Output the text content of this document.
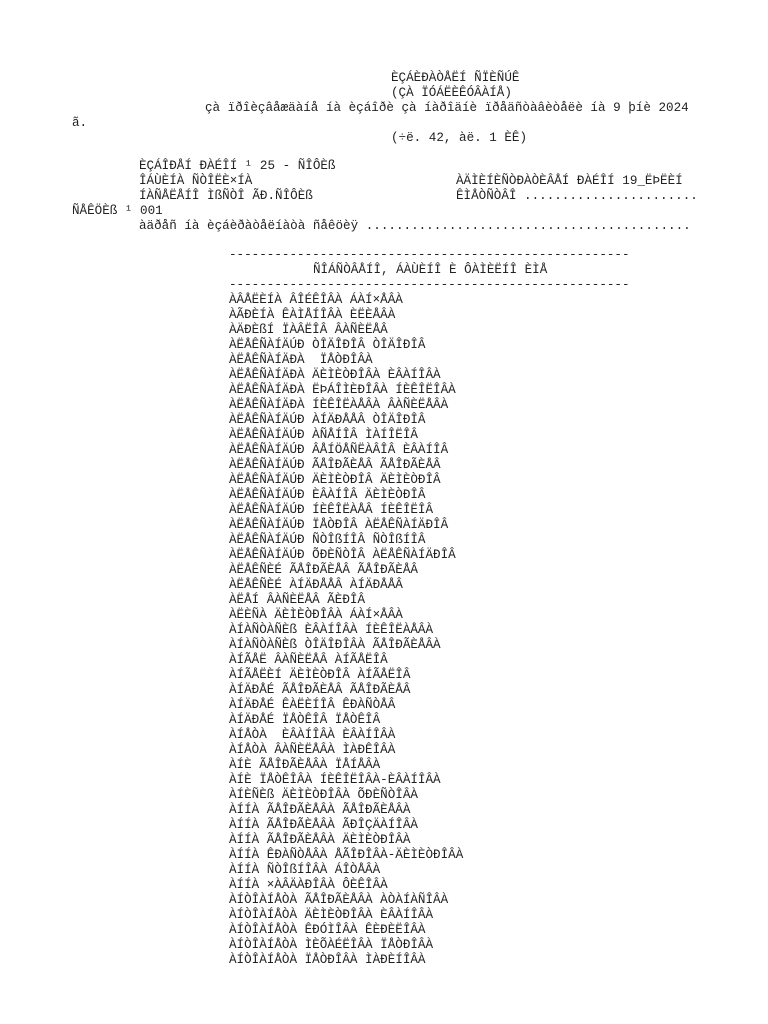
ÈÇÁÈÐÀÒÅËÍ ÑÏÈÑÚÊ
(ÇÀ ÏÓÁËÈÊÓÂÀÍÅ)
çà ïðîèçâåæäàíå íà èçáîðè çà íàðîäíè ïðåäñòàâèòåëè íà 9 þíè 2024
ã.
(÷ë. 42, àë. 1 ÈÊ)
ÈÇÁÎÐÅÍ ÐÀÉÎÍ ¹ 25 - ÑÎÔÈß
ÎÁÙÈÍÀ ÑÒÎËÈ×ÍÀ	ÀÄÌÈÍÈÑÒÐÀÒÈÂÅÍ ÐÀÉÎÍ 19_ËÞËÈÍ
ÍÀÑÅËÅÍÎ ÌßÑÒÎ ÃÐ.ÑÎÔÈß	ÊÌÅÒÑÒÂÎ .......................
ÑÅÊÖÈß ¹ 001
àäðåñ íà èçáèðàòåëíàòà ñåêöèÿ ...........................................
-----------------------------------------------------
ÑÎÁÑÒÂÅÍÎ, ÁÀÙÈÍÎ È ÔÀÌÈËÍÎ ÈÌÅ
-----------------------------------------------------
ÀÂÅËÈÍÀ ÂÎÉÊÎÂÀ ÁÀÍ×ÅÂÀ
ÀÃÐÈÍÀ ÊÀÌÅÍÎÂÀ ÈËÈÅÂÀ
ÀÄÐÈßÍ ÏÀÂËÎÂ ÂÀÑÈËÅÂ
ÀËÅÊÑÀÍÄÚÐ ÒÎÄÎÐÎÂ ÒÎÄÎÐÎÂ
ÀËÅÊÑÀÍÄÐÀ  ÏÅÒÐÎÂÀ
ÀËÅÊÑÀÍÄÐÀ ÄÈÌÈÒÐÎÂÀ ÈÂÀÍÎÂÀ
ÀËÅÊÑÀÍÄÐÀ ËÞÁÎÌÈÐÎÂÀ ÍÈÊÎËÎÂÀ
ÀËÅÊÑÀÍÄÐÀ ÍÈÊÎËÀÅÂÀ ÂÀÑÈËÅÂÀ
ÀËÅÊÑÀÍÄÚÐ ÀÍÄÐÅÅÂ ÒÎÄÎÐÎÂ
ÀËÅÊÑÀÍÄÚÐ ÀÑÅÍÎÂ ÌÀÍÎËÎÂ
ÀËÅÊÑÀÍÄÚÐ ÂÅÍÖÅÑËÀÂÎÂ ÈÂÀÍÎÂ
ÀËÅÊÑÀÍÄÚÐ ÃÅÎÐÃÈÅÂ ÃÅÎÐÃÈÅÂ
ÀËÅÊÑÀÍÄÚÐ ÄÈÌÈÒÐÎÂ ÄÈÌÈÒÐÎÂ
ÀËÅÊÑÀÍÄÚÐ ÈÂÀÍÎÂ ÄÈÌÈÒÐÎÂ
ÀËÅÊÑÀÍÄÚÐ ÍÈÊÎËÀÅÂ ÍÈÊÎËÎÂ
ÀËÅÊÑÀÍÄÚÐ ÏÅÒÐÎÂ ÀËÅÊÑÀÍÄÐÎÂ
ÀËÅÊÑÀÍÄÚÐ ÑÒÎßÍÎÂ ÑÒÎßÍÎÂ
ÀËÅÊÑÀÍÄÚÐ ÕÐÈÑÒÎÂ ÀËÅÊÑÀÍÄÐÎÂ
ÀËÅÊÑÈÉ ÃÅÎÐÃÈÅÂ ÃÅÎÐÃÈÅÂ
ÀËÅÊÑÈÉ ÀÍÄÐÅÅÂ ÀÍÄÐÅÅÂ
ÀËÅÍ ÂÀÑÈËÅÂ ÃÈÐÎÂ
ÀËÈÑÀ ÄÈÌÈÒÐÎÂÀ ÁÀÍ×ÅÂÀ
ÀÍÀÑÒÀÑÈß ÈÂÀÍÎÂÀ ÍÈÊÎËÀÅÂÀ
ÀÍÀÑÒÀÑÈß ÒÎÄÎÐÎÂÀ ÃÅÎÐÃÈÅÂÀ
ÀÍÃÅË ÂÀÑÈËÅÂ ÀÍÃÅËÎÂ
ÀÍÃÅËÈÍ ÄÈÌÈÒÐÎÂ ÀÍÃÅËÎÂ
ÀÍÄÐÅÉ ÃÅÎÐÃÈÅÂ ÃÅÎÐÃÈÅÂ
ÀÍÄÐÅÉ ÊÀËÈÍÎÂ ÊÐÀÑÒÅÂ
ÀÍÄÐÅÉ ÏÅÒÊÎÂ ÏÅÒÊÎÂ
ÀÍÅÒÀ  ÈÂÀÍÎÂÀ ÈÂÀÍÎÂÀ
ÀÍÅÒÀ ÂÀÑÈËÅÂÀ ÌÀÐÊÎÂÀ
ÀÍÈ ÃÅÎÐÃÈÅÂÀ ÏÅÍÅÂÀ
ÀÍÈ ÏÅÒÊÎÂÀ ÍÈÊÎËÎÂÀ-ÈÂÀÍÎÂÀ
ÀÍÈÑÈß ÄÈÌÈÒÐÎÂÀ ÕÐÈÑÒÎÂÀ
ÀÍÍÀ ÃÅÎÐÃÈÅÂÀ ÃÅÎÐÃÈÅÂÀ
ÀÍÍÀ ÃÅÎÐÃÈÅÂÀ ÃÐÎÇÄÀÍÎÂÀ
ÀÍÍÀ ÃÅÎÐÃÈÅÂÀ ÄÈÌÈÒÐÎÂÀ
ÀÍÍÀ ÊÐÀÑÒÅÂÀ ÅÃÎÐÎÂÀ-ÄÈÌÈÒÐÎÂÀ
ÀÍÍÀ ÑÒÎßÍÎÂÀ ÁÎÒÅÂÀ
ÀÍÍÀ ×ÀÂÄÀÐÎÂÀ ÔÈÊÎÂÀ
ÀÍÒÎÀÍÅÒÀ ÃÅÎÐÃÈÅÂÀ ÀÒÀÍÀÑÎÂÀ
ÀÍÒÎÀÍÅÒÀ ÄÈÌÈÒÐÎÂÀ ÈÂÀÍÎÂÀ
ÀÍÒÎÀÍÅÒÀ ÊÐÓÌÎÂÀ ÊÈÐÈËÎÂÀ
ÀÍÒÎÀÍÅÒÀ ÌÈÕÀÉËÎÂÀ ÏÅÒÐÎÂÀ
ÀÍÒÎÀÍÅÒÀ ÏÅÒÐÎÂÀ ÌÀÐÈÍÎÂÀ
